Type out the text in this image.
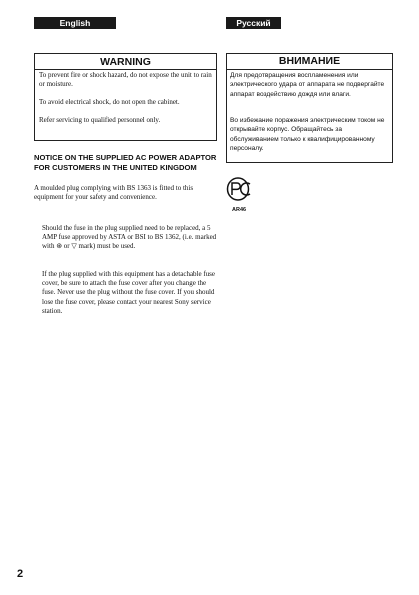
English	Русский
WARNING

To prevent fire or shock hazard, do not expose the unit to rain or moisture.

To avoid electrical shock, do not open the cabinet.

Refer servicing to qualified personnel only.

ВНИМАНИЕ

Для предотвращения воспламенения или электрического удара от аппарата не подвергайте аппарат воздействию дождя или влаги.

Во избежание поражения электрическим током не открывайте корпус. Обращайтесь за обслуживанием только к квалифицированному персоналу.

NOTICE ON THE SUPPLIED AC POWER ADAPTOR FOR CUSTOMERS IN THE UNITED KINGDOM

A moulded plug complying with BS 1363 is fitted to this equipment for your safety and convenience.

Should the fuse in the plug supplied need to be replaced, a 5 AMP fuse approved by ASTA or BSI to BS 1362, (i.e. marked with ⊛ or ▽ mark) must be used.

If the plug supplied with this equipment has a detachable fuse cover, be sure to attach the fuse cover after you change the fuse. Never use the plug without the fuse cover. If you should lose the fuse cover, please contact your nearest Sony service station.

AR46
2
